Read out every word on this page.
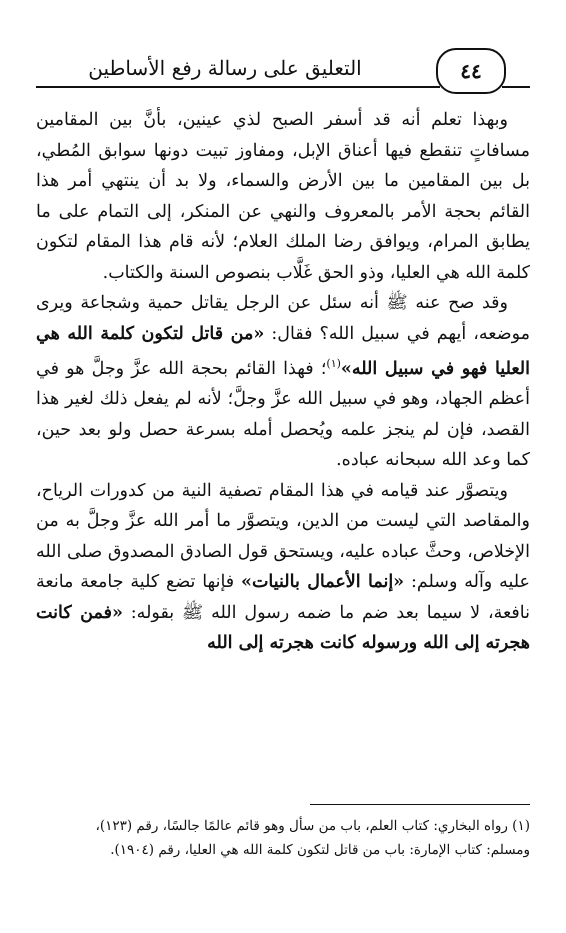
٤٤
التعليق على رسالة رفع الأساطين

وبهذا تعلم أنه قد أسفر الصبح لذي عينين، بأنَّ بين المقامين مسافاتٍ تنقطع فيها أعناق الإبل، ومفاوز تبيت دونها سوابق المُطي، بل بين المقامين ما بين الأرض والسماء، ولا بد أن ينتهي أمر هذا القائم بحجة الأمر بالمعروف والنهي عن المنكر، إلى التمام على ما يطابق المرام، ويوافق رضا الملك العلام؛ لأنه قام هذا المقام لتكون كلمة الله هي العليا، وذو الحق غَلَّاب بنصوص السنة والكتاب.

وقد صح عنه ﷺ أنه سئل عن الرجل يقاتل حمية وشجاعة ويرى موضعه، أيهم في سبيل الله؟ فقال: «من قاتل لتكون كلمة الله هي العليا فهو في سبيل الله»$^{(١)}$؛ فهذا القائم بحجة الله عزَّ وجلَّ هو في أعظم الجهاد، وهو في سبيل الله عزَّ وجلَّ؛ لأنه لم يفعل ذلك لغير هذا القصد، فإن لم ينجز علمه ويُحصل أمله بسرعة حصل ولو بعد حين، كما وعد الله سبحانه عباده.

ويتصوَّر عند قيامه في هذا المقام تصفية النية من كدورات الرياح، والمقاصد التي ليست من الدين، ويتصوَّر ما أمر الله عزَّ وجلَّ به من الإخلاص، وحثَّ عباده عليه، ويستحق قول الصادق المصدوق صلى الله عليه وآله وسلم: «إنما الأعمال بالنيات» فإنها تضع كلية جامعة مانعة نافعة، لا سيما بعد ضم ما ضمه رسول الله ﷺ بقوله: «فمن كانت هجرته إلى الله ورسوله كانت هجرته إلى الله

(١) رواه البخاري: كتاب العلم، باب من سأل وهو قائم عالمًا جالسًا، رقم (١٢٣)،

ومسلم: كتاب الإمارة: باب من قاتل لتكون كلمة الله هي العليا، رقم (١٩٠٤).
